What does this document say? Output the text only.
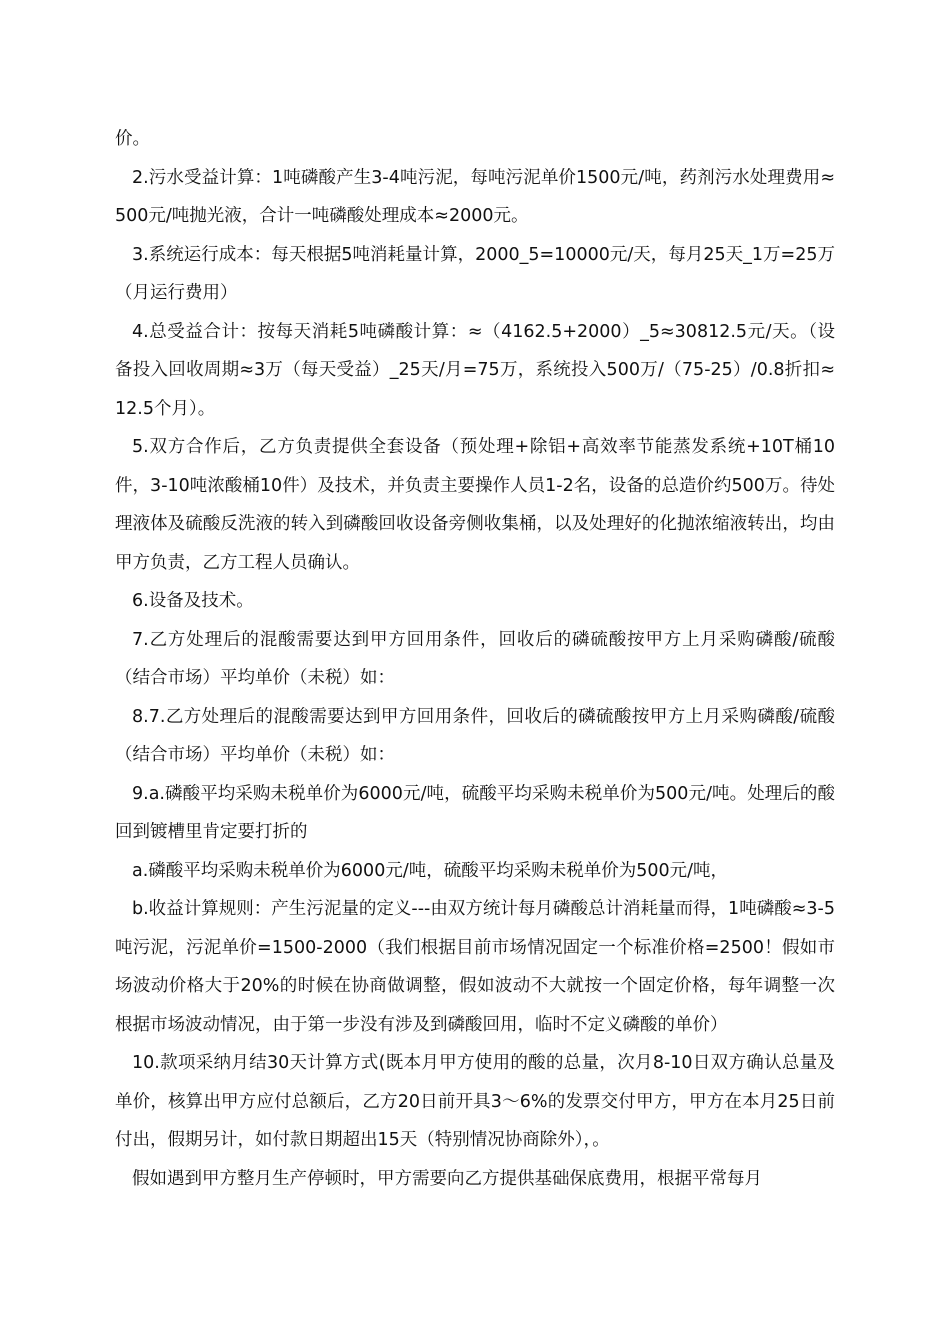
价。

2.污水受益计算：1吨磷酸产生3-4吨污泥，每吨污泥单价1500元/吨，药剂污水处理费用≈500元/吨抛光液，合计一吨磷酸处理成本≈2000元。

3.系统运行成本：每天根据5吨消耗量计算，2000_5=10000元/天，每月25天_1万=25万（月运行费用）

4.总受益合计：按每天消耗5吨磷酸计算：≈（4162.5+2000）_5≈30812.5元/天。（设备投入回收周期≈3万（每天受益）_25天/月=75万，系统投入500万/（75-25）/0.8折扣≈12.5个月）。

5.双方合作后，乙方负责提供全套设备（预处理+除铝+高效率节能蒸发系统+10T桶10件，3-10吨浓酸桶10件）及技术，并负责主要操作人员1-2名，设备的总造价约500万。待处理液体及硫酸反洗液的转入到磷酸回收设备旁侧收集桶，以及处理好的化抛浓缩液转出，均由甲方负责，乙方工程人员确认。

6.设备及技术。

7.乙方处理后的混酸需要达到甲方回用条件，回收后的磷硫酸按甲方上月采购磷酸/硫酸（结合市场）平均单价（未税）如：

8.7.乙方处理后的混酸需要达到甲方回用条件，回收后的磷硫酸按甲方上月采购磷酸/硫酸（结合市场）平均单价（未税）如：

9.a.磷酸平均采购未税单价为6000元/吨，硫酸平均采购未税单价为500元/吨。处理后的酸回到镀槽里肯定要打折的

a.磷酸平均采购未税单价为6000元/吨，硫酸平均采购未税单价为500元/吨，

b.收益计算规则：产生污泥量的定义---由双方统计每月磷酸总计消耗量而得，1吨磷酸≈3-5吨污泥，污泥单价=1500-2000（我们根据目前市场情况固定一个标准价格=2500！假如市场波动价格大于20%的时候在协商做调整，假如波动不大就按一个固定价格，每年调整一次根据市场波动情况，由于第一步没有涉及到磷酸回用，临时不定义磷酸的单价）

10.款项采纳月结30天计算方式(既本月甲方使用的酸的总量，次月8-10日双方确认总量及单价，核算出甲方应付总额后，乙方20日前开具3～6%的发票交付甲方，甲方在本月25日前付出，假期另计，如付款日期超出15天（特别情况协商除外），。

假如遇到甲方整月生产停顿时，甲方需要向乙方提供基础保底费用，根据平常每月
